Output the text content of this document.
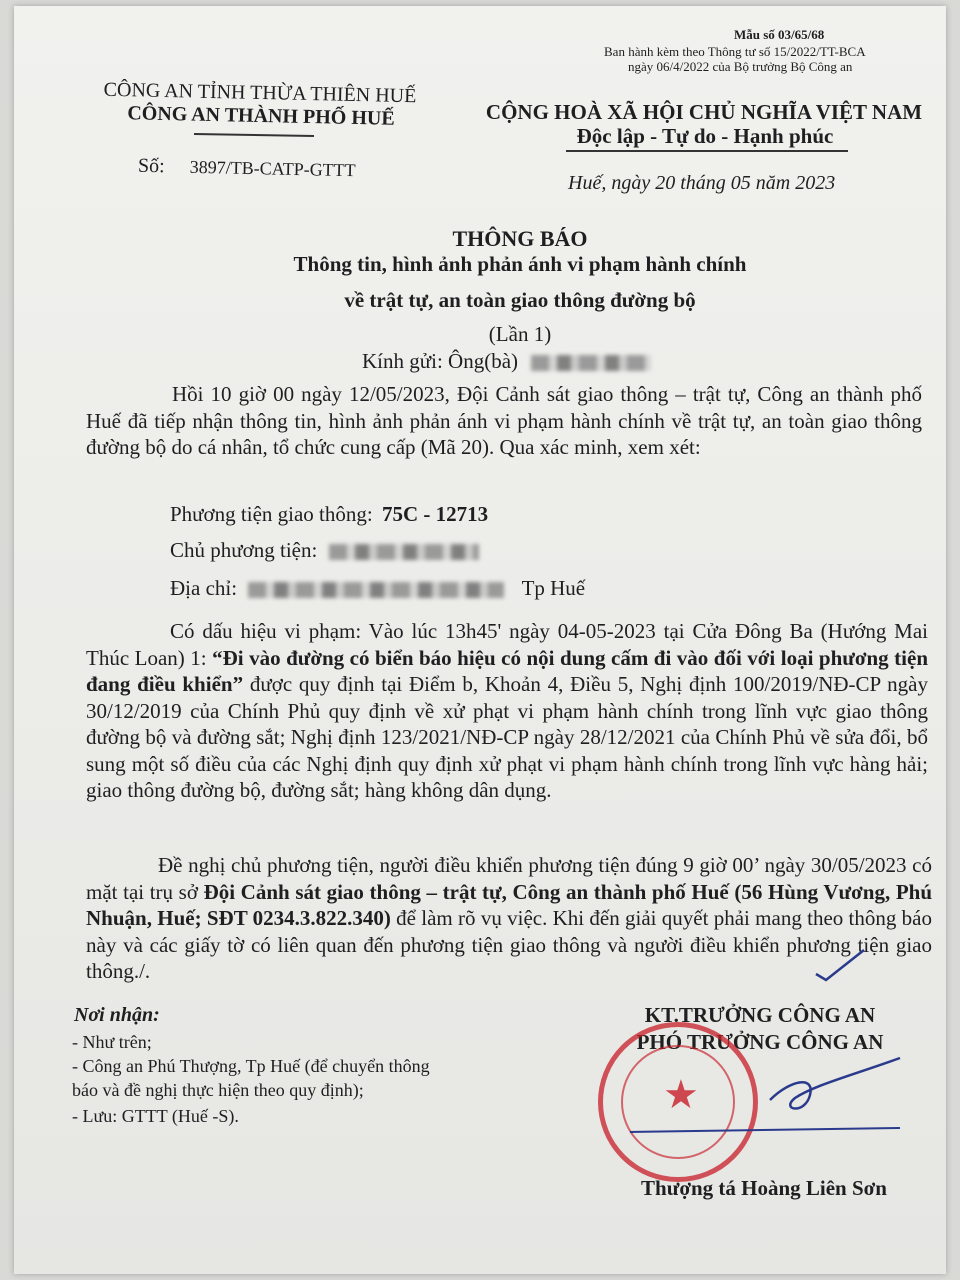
Mẫu số 03/65/68
Ban hành kèm theo Thông tư số 15/2022/TT-BCA
ngày 06/4/2022 của Bộ trưởng Bộ Công an
CÔNG AN TỈNH THỪA THIÊN HUẾ
CÔNG AN THÀNH PHỐ HUẾ
Số: 3897/TB-CATP-GTTT
CỘNG HOÀ XÃ HỘI CHỦ NGHĨA VIỆT NAM
Độc lập - Tự do - Hạnh phúc
Huế, ngày 20 tháng 05 năm 2023
THÔNG BÁO
Thông tin, hình ảnh phản ánh vi phạm hành chính
về trật tự, an toàn giao thông đường bộ
(Lần 1)
Kính gửi: Ông(bà)
Hồi 10 giờ 00 ngày 12/05/2023, Đội Cảnh sát giao thông – trật tự, Công an thành phố Huế đã tiếp nhận thông tin, hình ảnh phản ánh vi phạm hành chính về trật tự, an toàn giao thông đường bộ do cá nhân, tổ chức cung cấp (Mã 20). Qua xác minh, xem xét:
Phương tiện giao thông: 75C - 12713
Chủ phương tiện:
Địa chỉ:	Tp Huế
Có dấu hiệu vi phạm: Vào lúc 13h45' ngày 04-05-2023 tại Cửa Đông Ba (Hướng Mai Thúc Loan) 1: “Đi vào đường có biển báo hiệu có nội dung cấm đi vào đối với loại phương tiện đang điều khiển” được quy định tại Điểm b, Khoản 4, Điều 5, Nghị định 100/2019/NĐ-CP ngày 30/12/2019 của Chính Phủ quy định về xử phạt vi phạm hành chính trong lĩnh vực giao thông đường bộ và đường sắt; Nghị định 123/2021/NĐ-CP ngày 28/12/2021 của Chính Phủ về sửa đổi, bổ sung một số điều của các Nghị định quy định xử phạt vi phạm hành chính trong lĩnh vực hàng hải; giao thông đường bộ, đường sắt; hàng không dân dụng.
Đề nghị chủ phương tiện, người điều khiển phương tiện đúng 9 giờ 00’ ngày 30/05/2023 có mặt tại trụ sở Đội Cảnh sát giao thông – trật tự, Công an thành phố Huế (56 Hùng Vương, Phú Nhuận, Huế; SĐT 0234.3.822.340) để làm rõ vụ việc. Khi đến giải quyết phải mang theo thông báo này và các giấy tờ có liên quan đến phương tiện giao thông và người điều khiển phương tiện giao thông./.
Nơi nhận:
- Như trên;
- Công an Phú Thượng, Tp Huế (để chuyển thông
báo và đề nghị thực hiện theo quy định);
- Lưu: GTTT (Huế -S).
KT.TRƯỞNG CÔNG AN
PHÓ TRƯỞNG CÔNG AN
★
Thượng tá Hoàng Liên Sơn
